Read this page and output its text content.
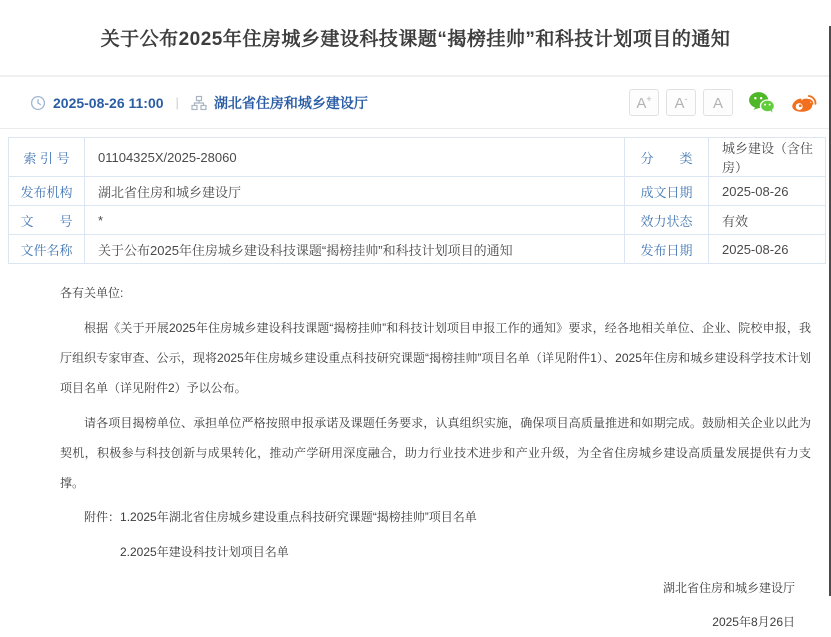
关于公布2025年住房城乡建设科技课题“揭榜挂帅”和科技计划项目的通知
2025-08-26 11:00 |	湖北省住房和城乡建设厅	A+	A-	A
索 引 号	01104325X/2025-28060	分　　类	城乡建设（含住房）
发布机构	湖北省住房和城乡建设厅	成文日期	2025-08-26
文　　号	*	效力状态	有效
文件名称	关于公布2025年住房城乡建设科技课题“揭榜挂帅”和科技计划项目的通知	发布日期	2025-08-26

各有关单位:

根据《关于开展2025年住房城乡建设科技课题“揭榜挂帅”和科技计划项目申报工作的通知》要求，经各地相关单位、企业、院校申报，我厅组织专家审查、公示，现将2025年住房城乡建设重点科技研究课题“揭榜挂帅”项目名单（详见附件1）、2025年住房和城乡建设科学技术计划项目名单（详见附件2）予以公布。

请各项目揭榜单位、承担单位严格按照申报承诺及课题任务要求，认真组织实施，确保项目高质量推进和如期完成。鼓励相关企业以此为契机，积极参与科技创新与成果转化，推动产学研用深度融合，助力行业技术进步和产业升级，为全省住房城乡建设高质量发展提供有力支撑。

附件：1.2025年湖北省住房城乡建设重点科技研究课题“揭榜挂帅”项目名单

2.2025年建设科技计划项目名单

湖北省住房和城乡建设厅

2025年8月26日
